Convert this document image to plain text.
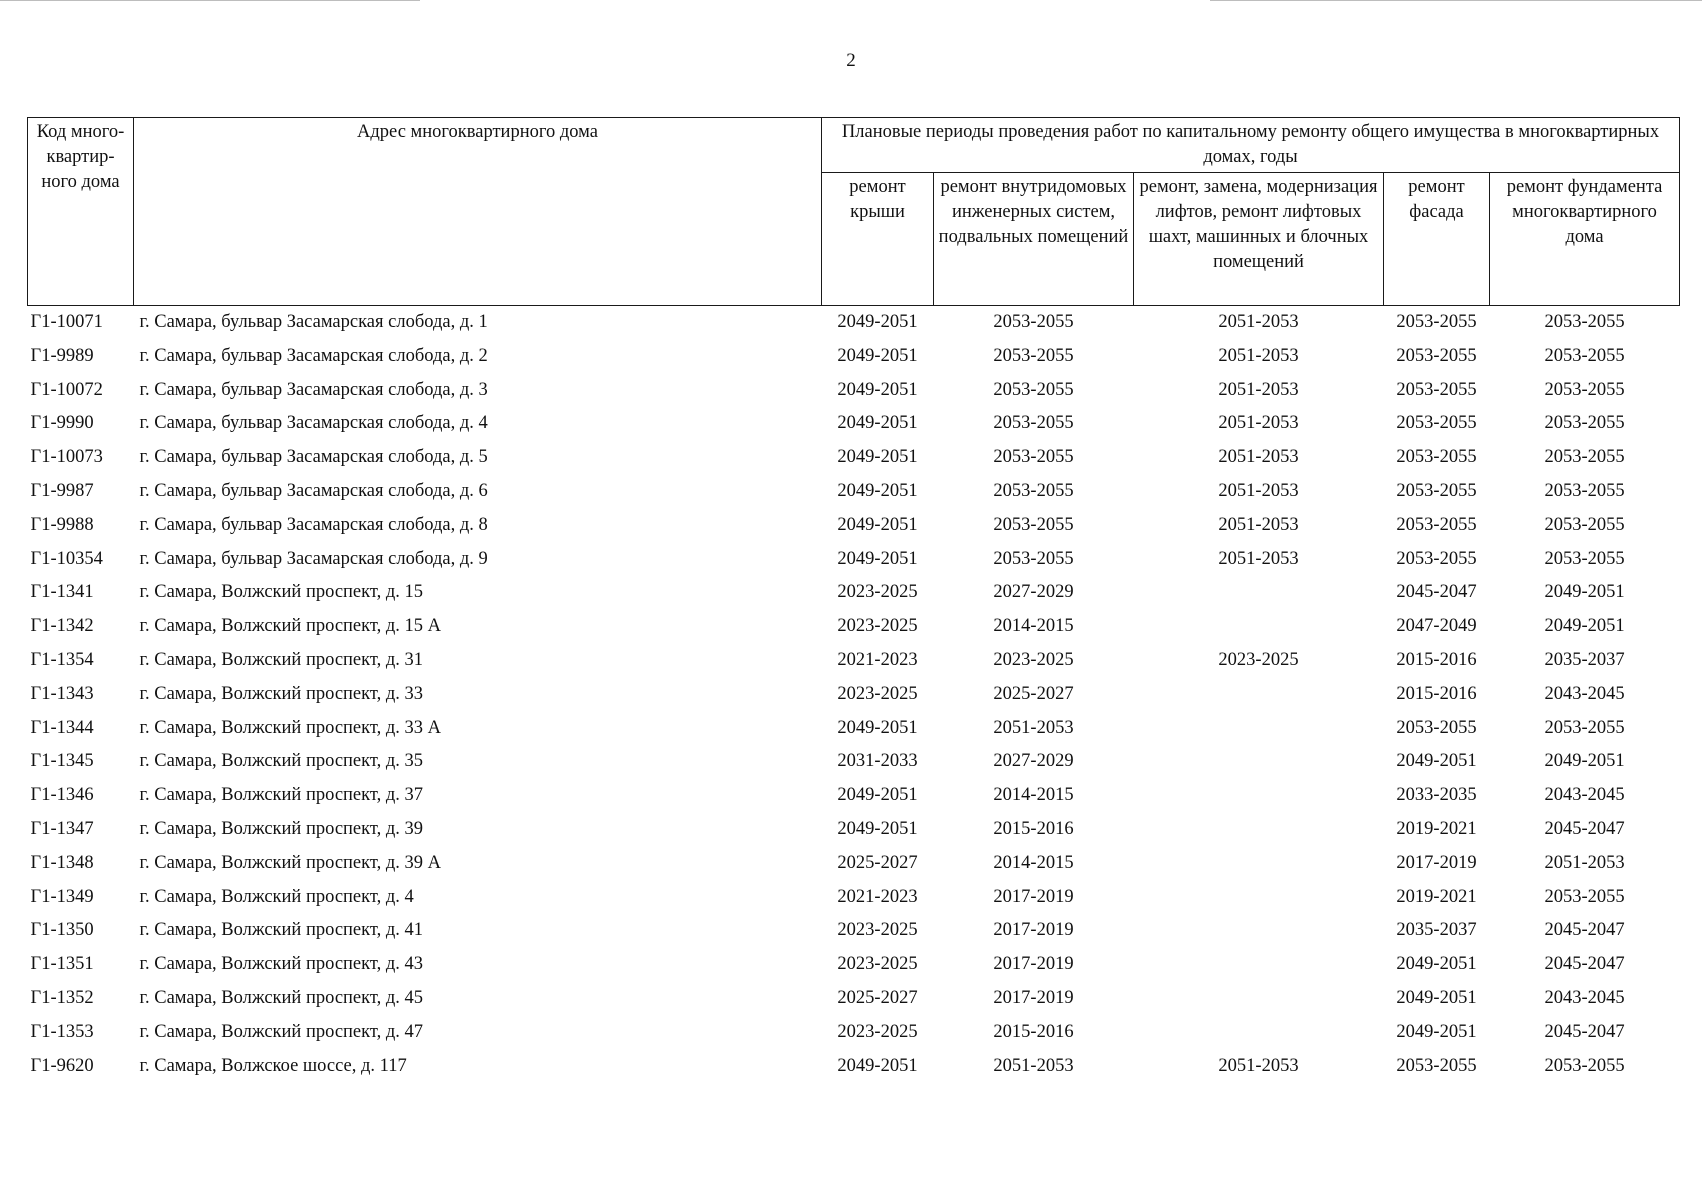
2
Код много-квартир-ного дома	Адрес многоквартирного дома	Плановые периоды проведения работ по капитальному ремонту общего имущества в многоквартирных домах, годы				
		ремонт крыши	ремонт внутридомовых инженерных систем, подвальных помещений	ремонт, замена, модернизация лифтов, ремонт лифтовых шахт, машинных и блочных помещений	ремонт фасада	ремонт фундамента многоквартирного дома
Г1-10071	г. Самара, бульвар Засамарская слобода, д. 1	2049-2051	2053-2055	2051-2053	2053-2055	2053-2055
Г1-9989	г. Самара, бульвар Засамарская слобода, д. 2	2049-2051	2053-2055	2051-2053	2053-2055	2053-2055
Г1-10072	г. Самара, бульвар Засамарская слобода, д. 3	2049-2051	2053-2055	2051-2053	2053-2055	2053-2055
Г1-9990	г. Самара, бульвар Засамарская слобода, д. 4	2049-2051	2053-2055	2051-2053	2053-2055	2053-2055
Г1-10073	г. Самара, бульвар Засамарская слобода, д. 5	2049-2051	2053-2055	2051-2053	2053-2055	2053-2055
Г1-9987	г. Самара, бульвар Засамарская слобода, д. 6	2049-2051	2053-2055	2051-2053	2053-2055	2053-2055
Г1-9988	г. Самара, бульвар Засамарская слобода, д. 8	2049-2051	2053-2055	2051-2053	2053-2055	2053-2055
Г1-10354	г. Самара, бульвар Засамарская слобода, д. 9	2049-2051	2053-2055	2051-2053	2053-2055	2053-2055
Г1-1341	г. Самара, Волжский проспект, д. 15	2023-2025	2027-2029		2045-2047	2049-2051
Г1-1342	г. Самара, Волжский проспект, д. 15 А	2023-2025	2014-2015		2047-2049	2049-2051
Г1-1354	г. Самара, Волжский проспект, д. 31	2021-2023	2023-2025	2023-2025	2015-2016	2035-2037
Г1-1343	г. Самара, Волжский проспект, д. 33	2023-2025	2025-2027		2015-2016	2043-2045
Г1-1344	г. Самара, Волжский проспект, д. 33 А	2049-2051	2051-2053		2053-2055	2053-2055
Г1-1345	г. Самара, Волжский проспект, д. 35	2031-2033	2027-2029		2049-2051	2049-2051
Г1-1346	г. Самара, Волжский проспект, д. 37	2049-2051	2014-2015		2033-2035	2043-2045
Г1-1347	г. Самара, Волжский проспект, д. 39	2049-2051	2015-2016		2019-2021	2045-2047
Г1-1348	г. Самара, Волжский проспект, д. 39 А	2025-2027	2014-2015		2017-2019	2051-2053
Г1-1349	г. Самара, Волжский проспект, д. 4	2021-2023	2017-2019		2019-2021	2053-2055
Г1-1350	г. Самара, Волжский проспект, д. 41	2023-2025	2017-2019		2035-2037	2045-2047
Г1-1351	г. Самара, Волжский проспект, д. 43	2023-2025	2017-2019		2049-2051	2045-2047
Г1-1352	г. Самара, Волжский проспект, д. 45	2025-2027	2017-2019		2049-2051	2043-2045
Г1-1353	г. Самара, Волжский проспект, д. 47	2023-2025	2015-2016		2049-2051	2045-2047
Г1-9620	г. Самара, Волжское шоссе, д. 117	2049-2051	2051-2053	2051-2053	2053-2055	2053-2055
